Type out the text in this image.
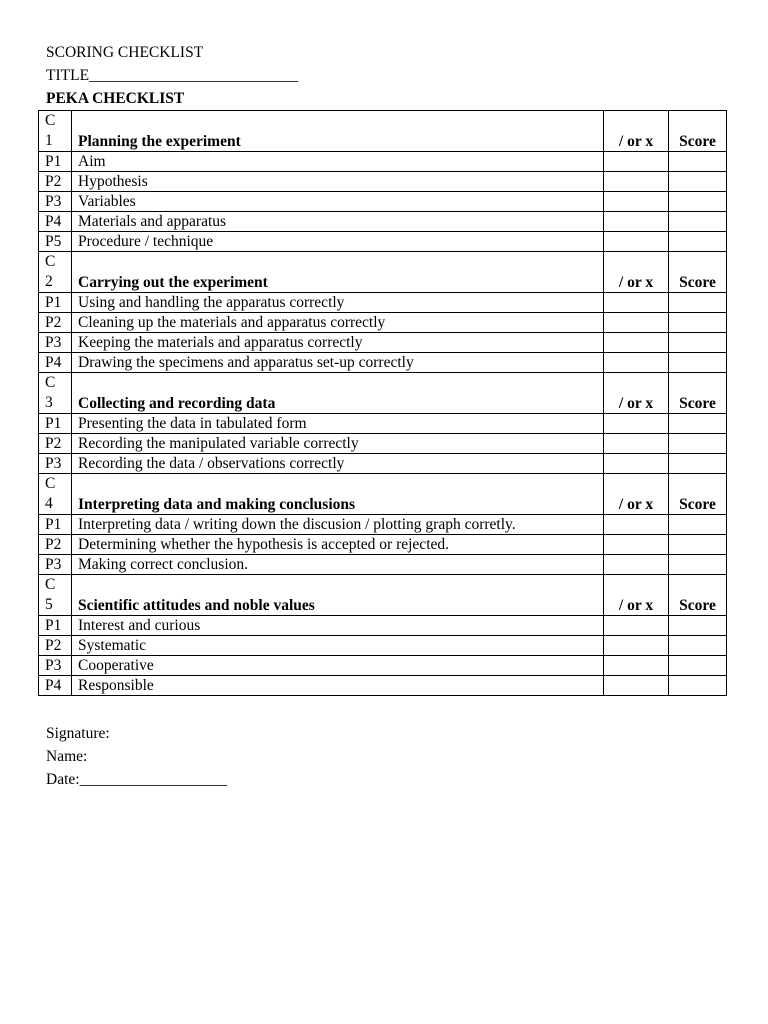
SCORING CHECKLIST
TITLE___________________________
PEKA CHECKLIST
C
1	Planning the experiment	/ or x	Score
P1	Aim		
P2	Hypothesis		
P3	Variables		
P4	Materials and apparatus		
P5	Procedure / technique		

C
2	Carrying out the experiment	/ or x	Score
P1	Using and handling the apparatus correctly		
P2	Cleaning up the materials and apparatus correctly		
P3	Keeping the materials and apparatus correctly		
P4	Drawing the specimens and apparatus set-up correctly		

C
3	Collecting and recording data	/ or x	Score
P1	Presenting the data in tabulated form		
P2	Recording the manipulated variable correctly		
P3	Recording the data / observations correctly		

C
4	Interpreting data and making conclusions	/ or x	Score
P1	Interpreting data / writing down the discusion / plotting graph corretly.		
P2	Determining whether the hypothesis is accepted or rejected.		
P3	Making correct conclusion.		

C
5	Scientific attitudes and noble values	/ or x	Score
P1	Interest and curious		
P2	Systematic		
P3	Cooperative		
P4	Responsible		
Signature:
Name:
Date:___________________
